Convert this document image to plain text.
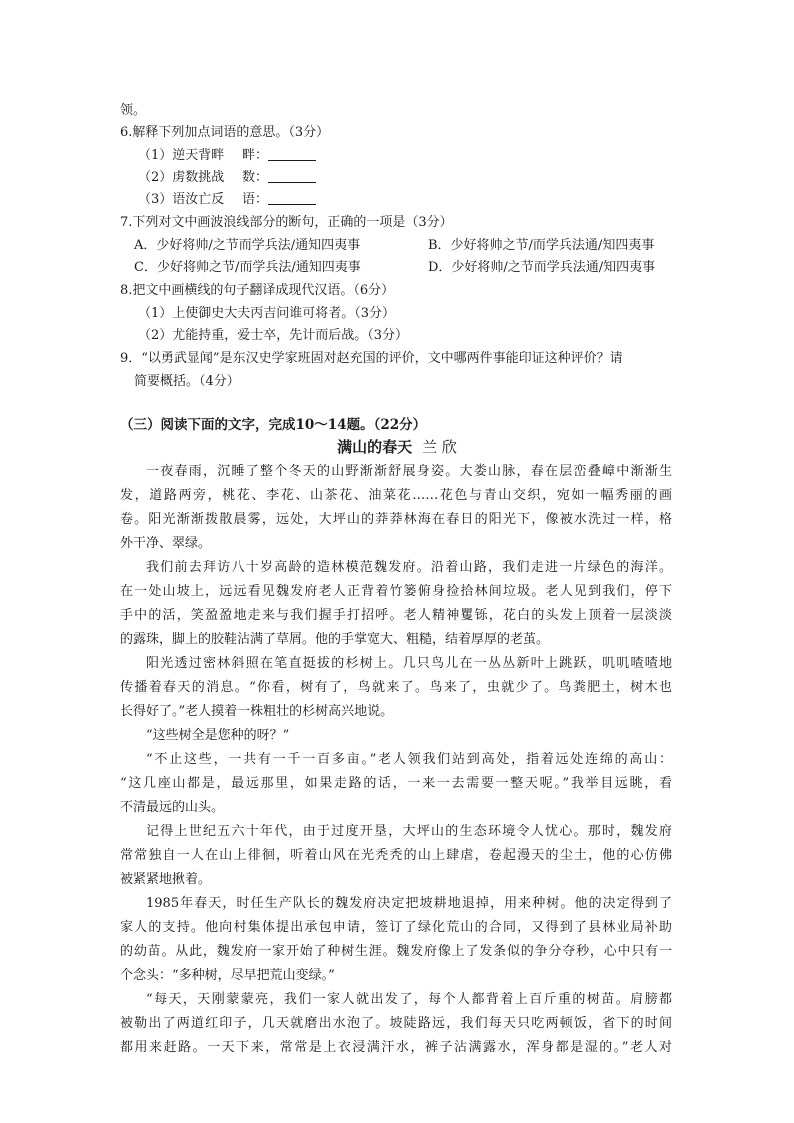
领。
6.解释下列加点词语的意思。（3分）
（1）逆天背畔 畔：
（2）虏数挑战 数：
（3）语汝亡反 语：
7.下列对文中画波浪线部分的断句，正确的一项是（3分）
A．少好将帅/之节而学兵法/通知四夷事	B．少好将帅之节/而学兵法通/知四夷事
C．少好将帅之节/而学兵法/通知四夷事	D．少好将帅/之节而学兵法通/知四夷事
8.把文中画横线的句子翻译成现代汉语。（6分）
（1）上使御史大夫丙吉问谁可将者。（3分）
（2）尤能持重，爱士卒，先计而后战。（3分）
9．“以勇武显闻”是东汉史学家班固对赵充国的评价，文中哪两件事能印证这种评价？请
简要概括。（4分）
（三）阅读下面的文字，完成10～14题。（22分）
满山的春天 兰 欣
一夜春雨，沉睡了整个冬天的山野渐渐舒展身姿。大娄山脉，春在层峦叠嶂中渐渐生
发，道路两旁，桃花、李花、山茶花、油菜花……花色与青山交织，宛如一幅秀丽的画
卷。阳光渐渐拨散晨雾，远处，大坪山的莽莽林海在春日的阳光下，像被水洗过一样，格
外干净、翠绿。
我们前去拜访八十岁高龄的造林模范魏发府。沿着山路，我们走进一片绿色的海洋。
在一处山坡上，远远看见魏发府老人正背着竹篓俯身捡拾林间垃圾。老人见到我们，停下
手中的活，笑盈盈地走来与我们握手打招呼。老人精神矍铄，花白的头发上顶着一层淡淡
的露珠，脚上的胶鞋沾满了草屑。他的手掌宽大、粗糙，结着厚厚的老茧。
阳光透过密林斜照在笔直挺拔的杉树上。几只鸟儿在一丛丛新叶上跳跃，叽叽喳喳地
传播着春天的消息。“你看，树有了，鸟就来了。鸟来了，虫就少了。鸟粪肥土，树木也
长得好了。”老人摸着一株粗壮的杉树高兴地说。
“这些树全是您种的呀？”
“不止这些，一共有一千一百多亩。”老人领我们站到高处，指着远处连绵的高山：
“这几座山都是，最远那里，如果走路的话，一来一去需要一整天呢。”我举目远眺，看
不清最远的山头。
记得上世纪五六十年代，由于过度开垦，大坪山的生态环境令人忧心。那时，魏发府
常常独自一人在山上徘徊，听着山风在光秃秃的山上肆虐，卷起漫天的尘土，他的心仿佛
被紧紧地揪着。
1985年春天，时任生产队长的魏发府决定把坡耕地退掉，用来种树。他的决定得到了
家人的支持。他向村集体提出承包申请，签订了绿化荒山的合同，又得到了县林业局补助
的幼苗。从此，魏发府一家开始了种树生涯。魏发府像上了发条似的争分夺秒，心中只有一
个念头：“多种树，尽早把荒山变绿。”
“每天，天刚蒙蒙亮，我们一家人就出发了，每个人都背着上百斤重的树苗。肩膀都
被勒出了两道红印子，几天就磨出水泡了。坡陡路远，我们每天只吃两顿饭，省下的时间
都用来赶路。一天下来，常常是上衣浸满汗水，裤子沾满露水，浑身都是湿的。”老人对
